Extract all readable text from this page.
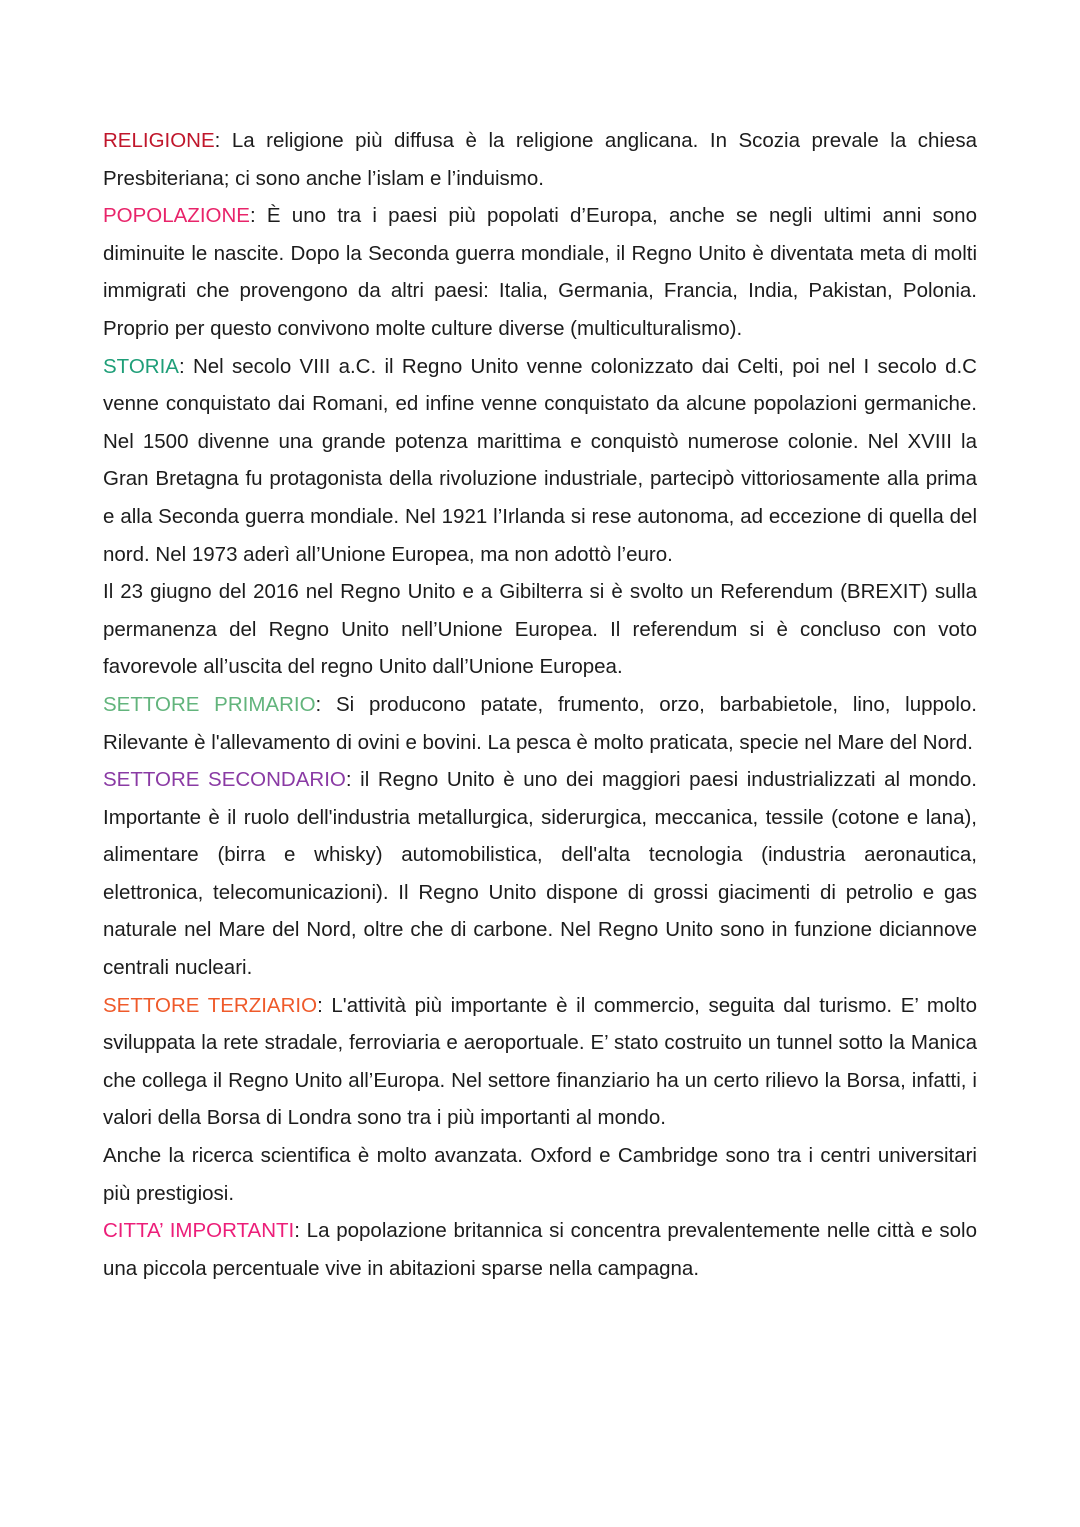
RELIGIONE: La religione più diffusa è la religione anglicana. In Scozia prevale la chiesa Presbiteriana; ci sono anche l’islam e l’induismo.

POPOLAZIONE: È uno tra i paesi più popolati d’Europa, anche se negli ultimi anni sono diminuite le nascite. Dopo la Seconda guerra mondiale, il Regno Unito è diventata meta di molti immigrati che provengono da altri paesi: Italia, Germania, Francia, India, Pakistan, Polonia. Proprio per questo convivono molte culture diverse (multiculturalismo).

STORIA: Nel secolo VIII a.C. il Regno Unito venne colonizzato dai Celti, poi nel I secolo d.C venne conquistato dai Romani, ed infine venne conquistato da alcune popolazioni germaniche. Nel 1500 divenne una grande potenza marittima e conquistò numerose colonie. Nel XVIII la Gran Bretagna fu protagonista della rivoluzione industriale, partecipò vittoriosamente alla prima e alla Seconda guerra mondiale. Nel 1921 l’Irlanda si rese autonoma, ad eccezione di quella del nord. Nel 1973 aderì all’Unione Europea, ma non adottò l’euro.

Il 23 giugno del 2016 nel Regno Unito e a Gibilterra si è svolto un Referendum (BREXIT) sulla permanenza del Regno Unito nell’Unione Europea. Il referendum si è concluso con voto favorevole all’uscita del regno Unito dall’Unione Europea.

SETTORE PRIMARIO: Si producono patate, frumento, orzo, barbabietole, lino, luppolo. Rilevante è l'allevamento di ovini e bovini. La pesca è molto praticata, specie nel Mare del Nord.

SETTORE SECONDARIO: il Regno Unito è uno dei maggiori paesi industrializzati al mondo. Importante è il ruolo dell'industria metallurgica, siderurgica, meccanica, tessile (cotone e lana), alimentare (birra e whisky) automobilistica, dell'alta tecnologia (industria aeronautica, elettronica, telecomunicazioni). Il Regno Unito dispone di grossi giacimenti di petrolio e gas naturale nel Mare del Nord, oltre che di carbone. Nel Regno Unito sono in funzione diciannove centrali nucleari.

SETTORE TERZIARIO: L'attività più importante è il commercio, seguita dal turismo. E’ molto sviluppata la rete stradale, ferroviaria e aeroportuale. E’ stato costruito un tunnel sotto la Manica che collega il Regno Unito all’Europa. Nel settore finanziario ha un certo rilievo la Borsa, infatti, i valori della Borsa di Londra sono tra i più importanti al mondo.

Anche la ricerca scientifica è molto avanzata. Oxford e Cambridge sono tra i centri universitari più prestigiosi.

CITTA’ IMPORTANTI: La popolazione britannica si concentra prevalentemente nelle città e solo una piccola percentuale vive in abitazioni sparse nella campagna.
